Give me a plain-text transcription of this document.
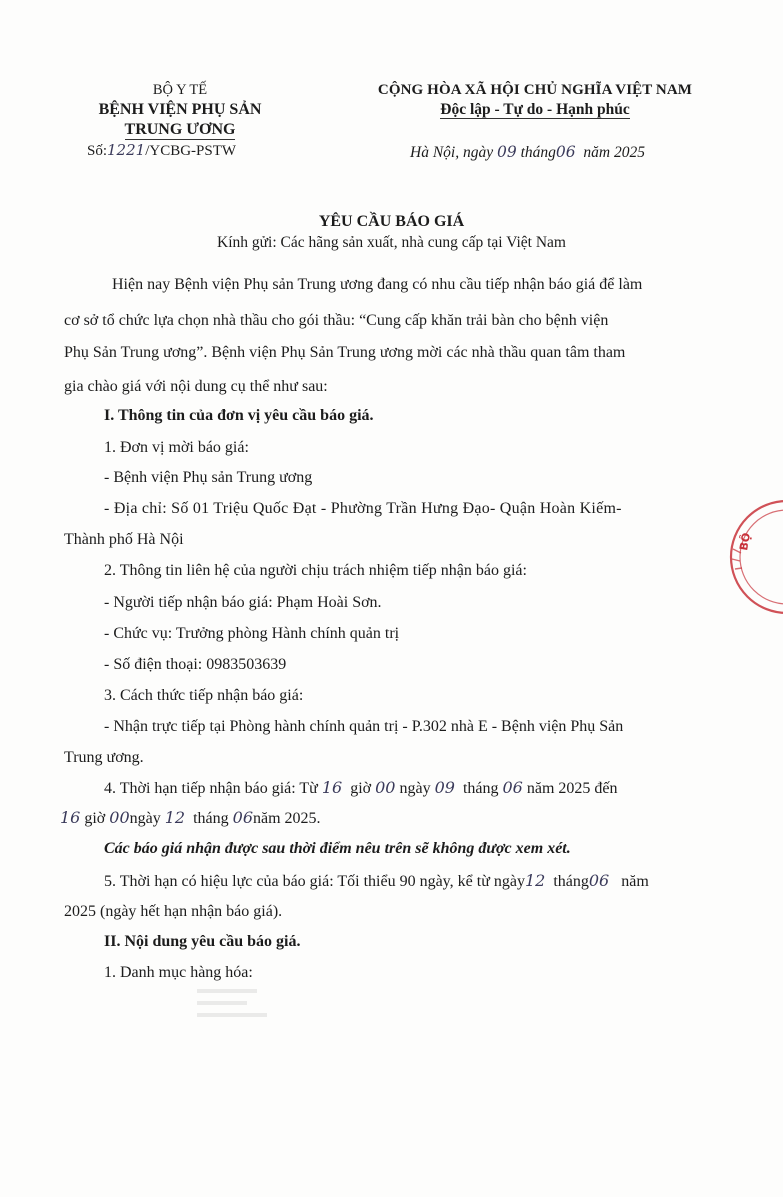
BỘ Y TẾ
BỆNH VIỆN PHỤ SẢN
TRUNG ƯƠNG
Số:1221/YCBG-PSTW
CỘNG HÒA XÃ HỘI CHỦ NGHĨA VIỆT NAM
Độc lập - Tự do - Hạnh phúc
Hà Nội, ngày 09 tháng06 năm 2025
YÊU CẦU BÁO GIÁ
Kính gửi: Các hãng sản xuất, nhà cung cấp tại Việt Nam
Hiện nay Bệnh viện Phụ sản Trung ương đang có nhu cầu tiếp nhận báo giá để làm
cơ sở tổ chức lựa chọn nhà thầu cho gói thầu: “Cung cấp khăn trải bàn cho bệnh viện
Phụ Sản Trung ương”. Bệnh viện Phụ Sản Trung ương mời các nhà thầu quan tâm tham
gia chào giá với nội dung cụ thể như sau:
I. Thông tin của đơn vị yêu cầu báo giá.
1. Đơn vị mời báo giá:
- Bệnh viện Phụ sản Trung ương
- Địa chỉ: Số 01 Triệu Quốc Đạt - Phường Trần Hưng Đạo- Quận Hoàn Kiếm-
Thành phố Hà Nội
2. Thông tin liên hệ của người chịu trách nhiệm tiếp nhận báo giá:
- Người tiếp nhận báo giá: Phạm Hoài Sơn.
- Chức vụ: Trưởng phòng Hành chính quản trị
- Số điện thoại: 0983503639
3. Cách thức tiếp nhận báo giá:
- Nhận trực tiếp tại Phòng hành chính quản trị - P.302 nhà E - Bệnh viện Phụ Sản
Trung ương.
4. Thời hạn tiếp nhận báo giá: Từ 16 giờ 00 ngày 09 tháng 06 năm 2025 đến
16 giờ 00ngày 12 tháng 06năm 2025.
Các báo giá nhận được sau thời điểm nêu trên sẽ không được xem xét.
5. Thời hạn có hiệu lực của báo giá: Tối thiểu 90 ngày, kể từ ngày12 tháng06 năm
2025 (ngày hết hạn nhận báo giá).
II. Nội dung yêu cầu báo giá.
1. Danh mục hàng hóa:
BỘ
